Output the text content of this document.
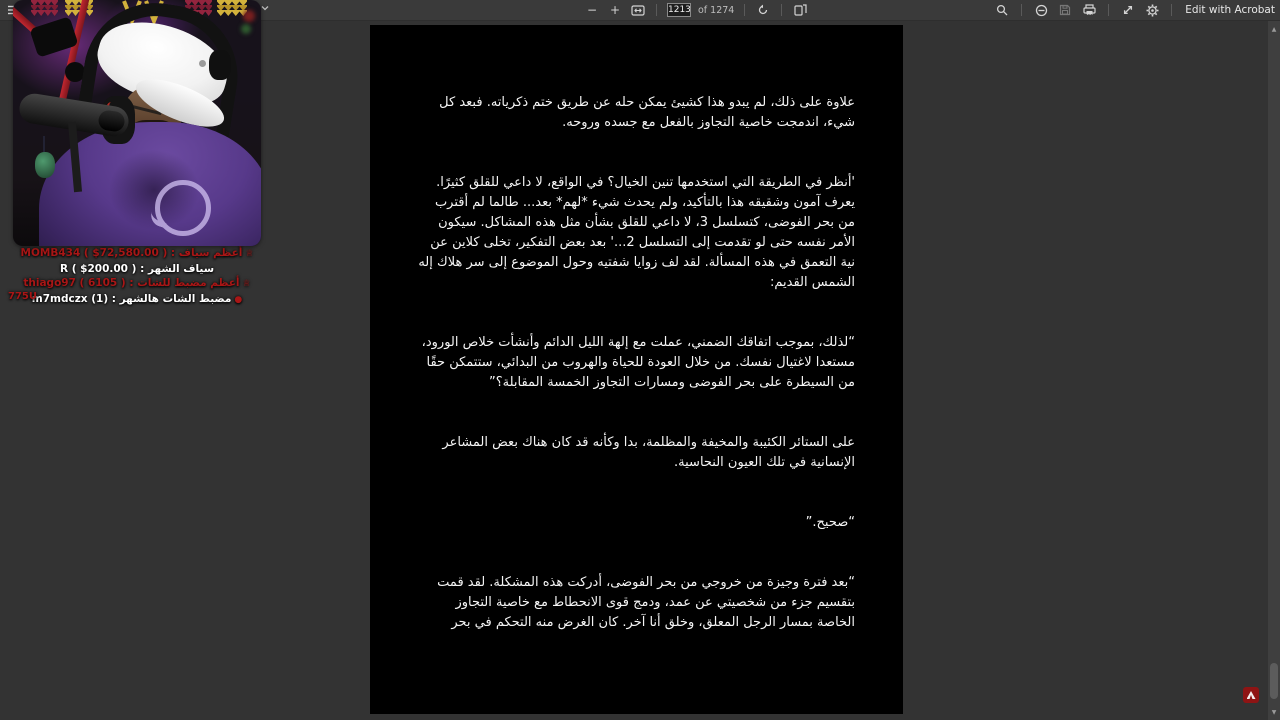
− +
1213	of 1274	Edit with Acrobat
▲
▼

علاوة على ذلك، لم يبدو هذا كشيئ يمكن حله عن طريق ختم ذكرياته. فبعد كل شيء، اندمجت خاصية التجاوز بالفعل مع جسده وروحه.

'أنظر في الطريقة التي استخدمها تنين الخيال؟ في الواقع، لا داعي للقلق كثيرًا. يعرف آمون وشقيقه هذا بالتأكيد، ولم يحدث شيء *لهم* بعد... طالما لم أقترب من بحر الفوضى، كتسلسل 3، لا داعي للقلق بشأن مثل هذه المشاكل. سيكون الأمر نفسه حتى لو تقدمت إلى التسلسل 2...' بعد بعض التفكير، تخلى كلاين عن نية التعمق في هذه المسألة. لقد لف زوايا شفتيه وحول الموضوع إلى سر هلاك إله الشمس القديم:

“لذلك، بموجب اتفاقك الضمني، عملت مع إلهة الليل الدائم وأنشأت خلاص الورود، مستعدا لاغتيال نفسك. من خلال العودة للحياة والهروب من البدائي، ستتمكن حقًا من السيطرة على بحر الفوضى ومسارات التجاوز الخمسة المقابلة؟”

على الستائر الكئيبة والمخيفة والمظلمة، بدا وكأنه قد كان هناك بعض المشاعر الإنسانية في تلك العيون النحاسية.

“صحيح.”

“بعد فترة وجيزة من خروجي من بحر الفوضى، أدركت هذه المشكلة. لقد قمت بتقسيم جزء من شخصيتي عن عمد، ودمج قوى الانحطاط مع خاصية التجاوز الخاصة بمسار الرجل المعلق، وخلق أنا آخر. كان الغرض منه التحكم في بحر

♕أعظم سياف : MOMB434 ( $72,580.00 )
سياف الشهر : R ( $200.00 )
♕أعظم مضبط للشات : thiago97 ( 6105 )
●مضبط الشات هالشهر : m7mdczx (1)
775U
